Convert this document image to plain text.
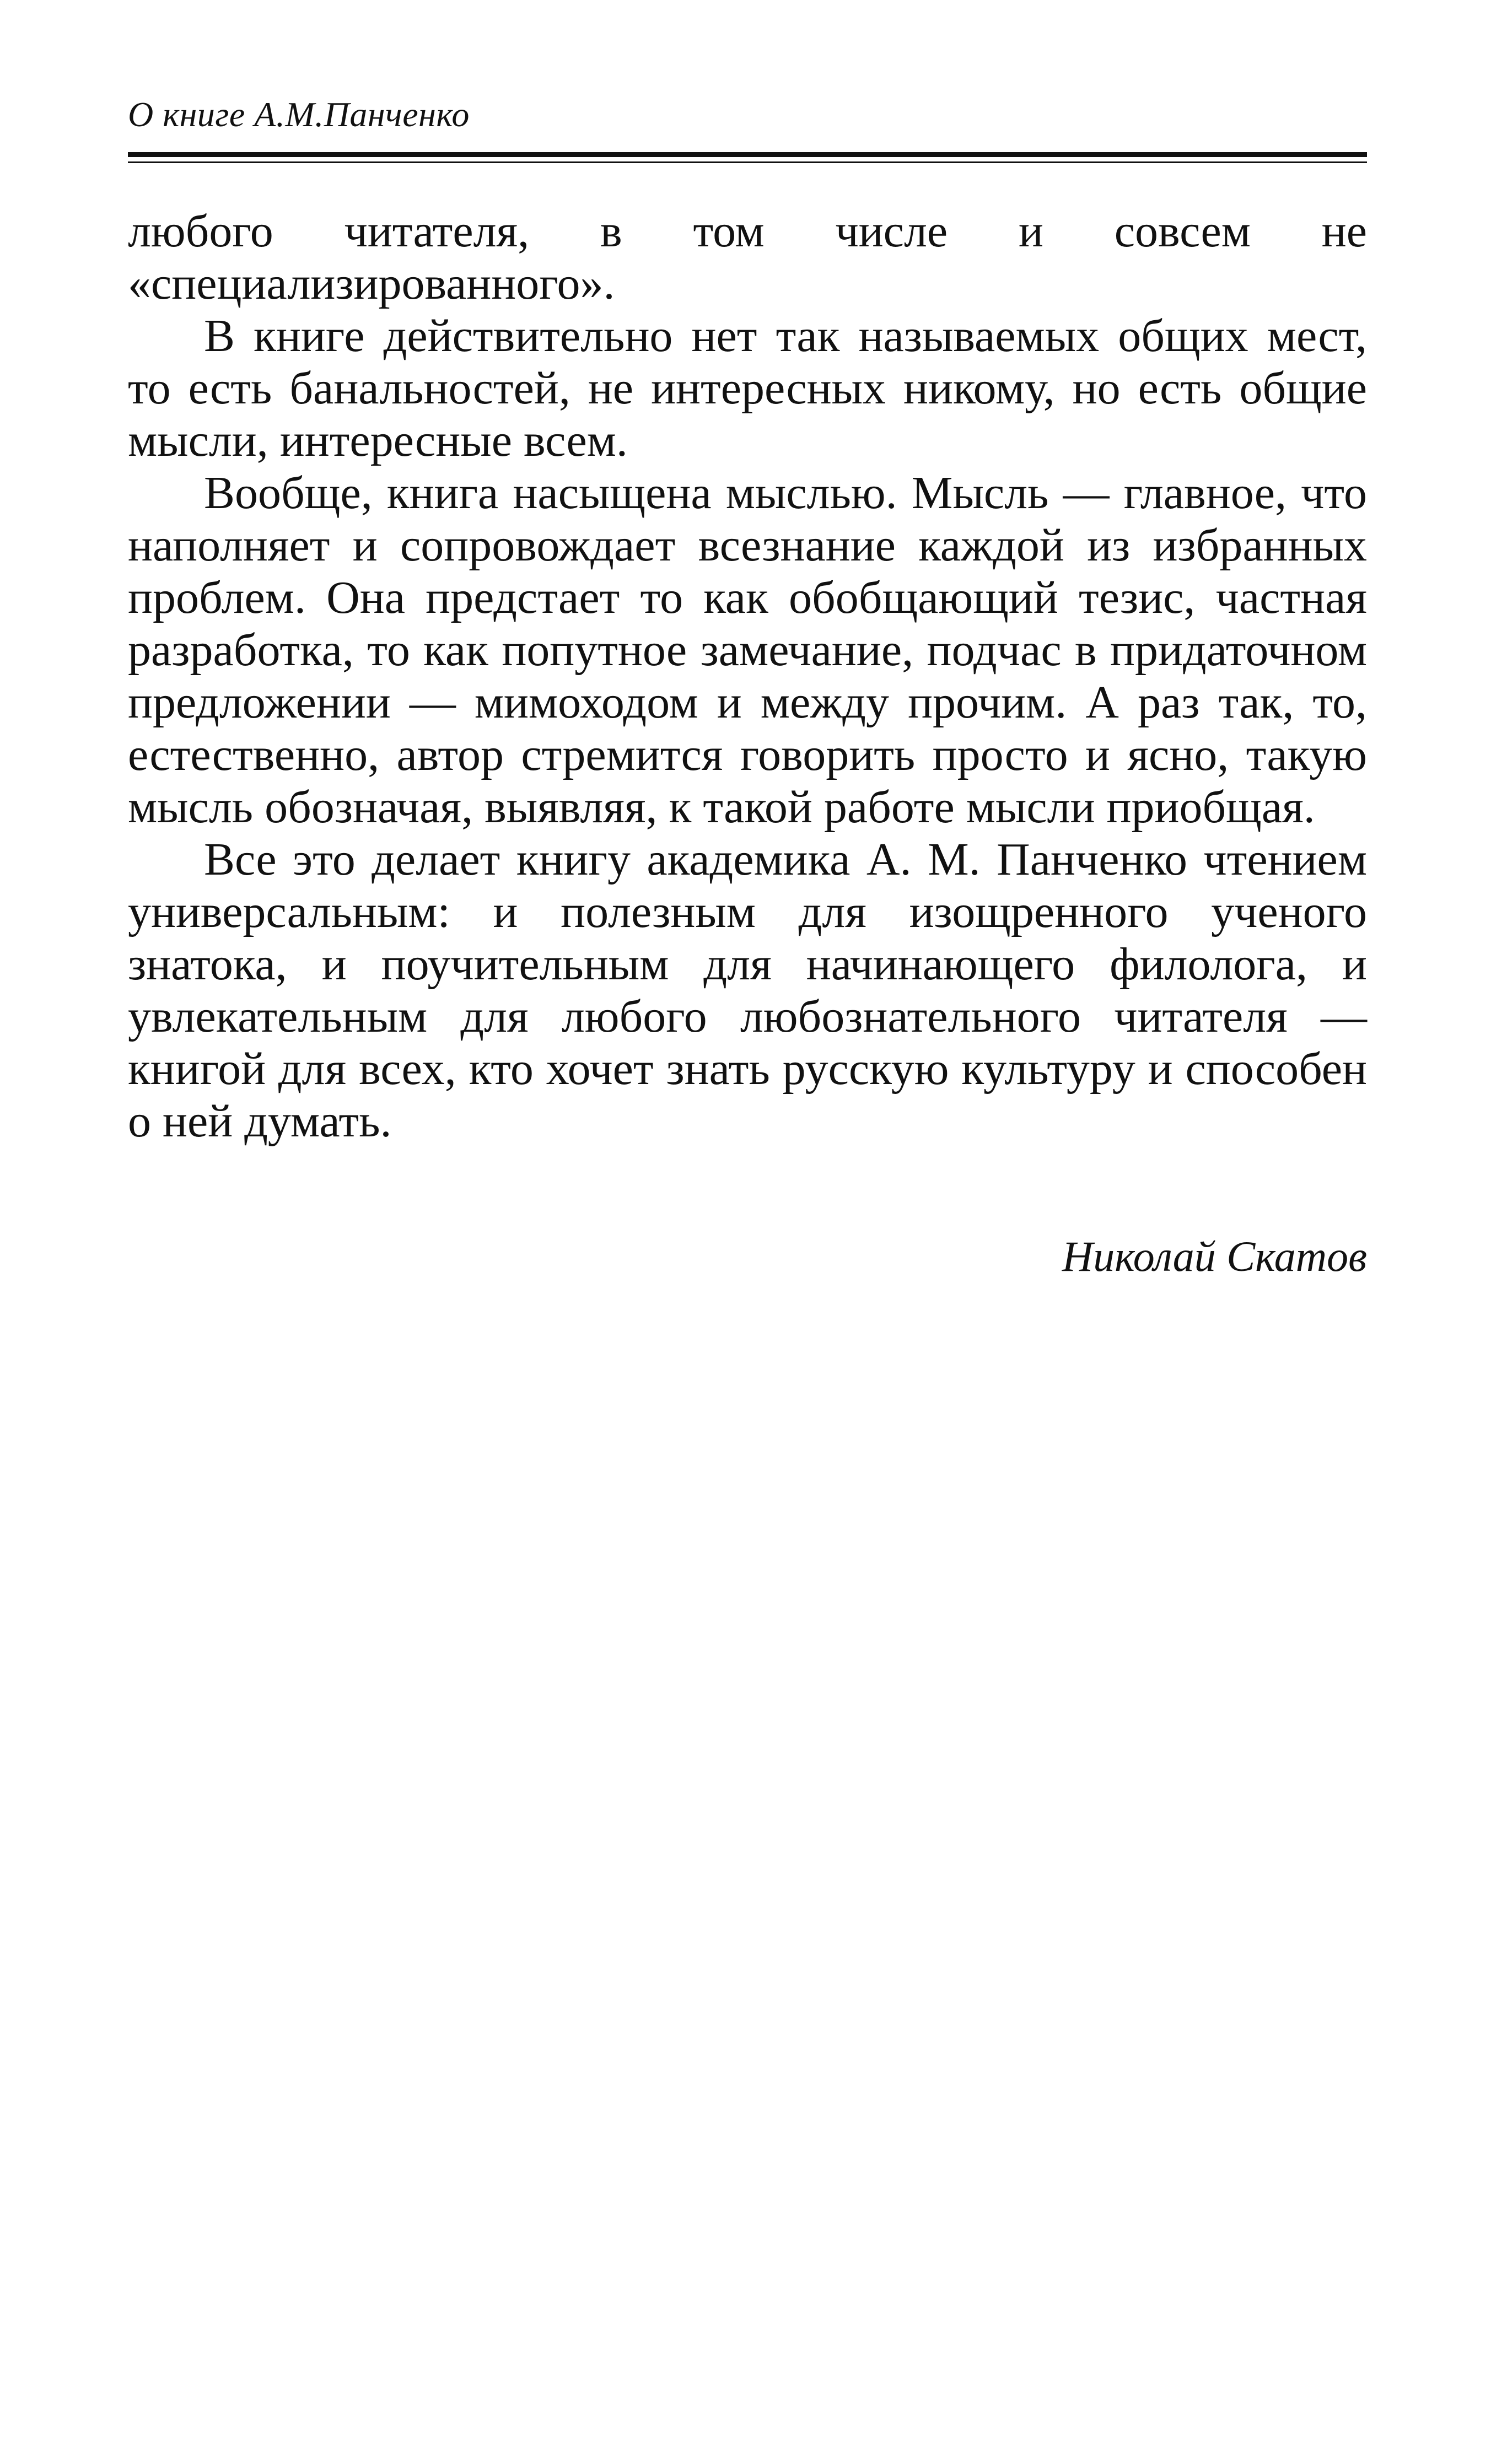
О книге А.М.Панченко

любого читателя, в том числе и совсем не «специализированного».

В книге действительно нет так называемых общих мест, то есть банальностей, не интересных никому, но есть общие мысли, интересные всем.

Вообще, книга насыщена мыслью. Мысль — главное, что наполняет и сопровождает всезнание каждой из избранных проблем. Она предстает то как обобщающий тезис, частная разработка, то как попутное замечание, подчас в придаточном предложении — мимоходом и между прочим. А раз так, то, естественно, автор стремится говорить просто и ясно, такую мысль обозначая, выявляя, к такой работе мысли приобщая.

Все это делает книгу академика А. М. Панченко чтением универсальным: и полезным для изощренного ученого знатока, и поучительным для начинающего филолога, и увлекательным для любого любознательного читателя — книгой для всех, кто хочет знать русскую культуру и способен о ней думать.

Николай Скатов
